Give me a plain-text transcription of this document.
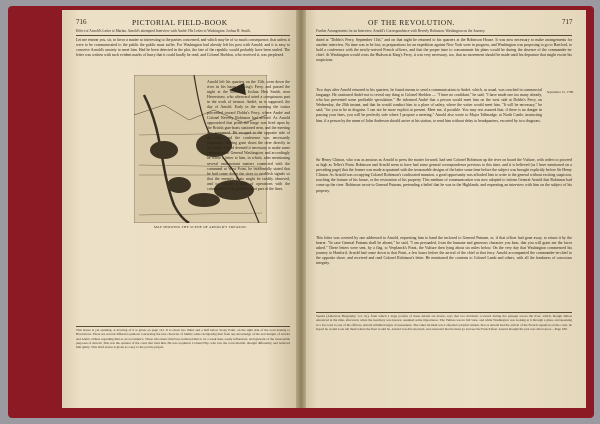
716	PICTORIAL FIELD-BOOK
Effect of Arnold's Letter to Marlan. Arnold's attempted Interview with André. His Letter to Washington. Joshua H. Smith.
Let me entreat you, sir, to favor a matter so interesting to the parties concerned, and which may be of so much consequence, that unless it were to be communicated to the public the public must suffer. For Washington had already left his post with Arnold; and it is easy to conceive Arnold's anxiety to meet him. Had he been detected in the plot, the fate of the republic would probably have been sealed. The letter was written with such evident marks of hurry that it could hardly be read; and Colonel Sheldon, who received it, was perplexed.
MAP SHOWING THE SCENE OF ARNOLD'S TREASON.
Arnold left his quarters on the 11th, went down the river in his barge to King's Ferry, and passed the night at the house of Joshua Hett Smith, near Haverstraw, who afterward acted a conspicuous part in the work of treason. André, as is supposed, the day of Arnold. Early in the morning the traitor proceeded toward Dobbs's Ferry, where André and Colonel Beverly Robinson had arrived. As Arnold approached that point, the barge was fired upon by the British gun-boats stationed near, and the meeting was prevented. He escaped to the opposite side of the river, and the conference was necessarily postponed. Having gone down the river directly in his barge, Arnold deemed it necessary to make some explanation to General Washington; and accordingly he wrote a letter to him, in which, after mentioning several unimportant matters connected with the command at West Point, he incidentally stated that he had come down the river to establish signals so that the enemy's boats might be readily observed, and to concert a plan of operations with the commander of the guard on that part of the lines.
This house is yet standing. A drawing of it is given on page 141. It is about two miles and a half below Stony Point, on the right side of the road leading to Haverstraw. There are several different opinions concerning the true character of Smith; some exculpating him from any knowledge of the real designs of Arnold and André. Others regarding him as an accomplice. Those who knew him best, believed him to be a weak man, easily influenced, and ignorant of the treasonable purposes of Arnold. This was the opinion of the court that tried him. He was acquitted. Colonel Hay, who saw the court-martial, thought differently, and believed him guilty. This brief notice is given as a key to the part he played.
OF THE REVOLUTION.	717
Further Arrangements for an Interview. Arnold's Correspondence with Beverly Robinson. Washington on the Journey.
dated at "Dobbs's Ferry, September 11th," and on that night he returned to his quarters at the Robinson House. It was now necessary to make arrangements for another interview. No time was to be lost; as preparations for an expedition against New York were in progress, and Washington was proposing to go to Hartford, to hold a conference with the newly-arrived French officers, and that the proper time to consummate his plans would be during the absence of the commander-in-chief. At Washington would cross the Hudson at King's Ferry, it was very necessary, too, that no movement should be made until his departure that might excite his suspicions.
September 15, 1780.
Two days after Arnold returned to his quarters, he found means to send a communication to André, which, as usual, was couched in commercial language. He cautioned André not to reveal any thing to Colonel Sheldon — "I have no confidant," he said; "I have made one too many already, who has prevented some profitable speculation." He informed André that a person would meet him on the west side at Dobbs's Ferry, on Wednesday, the 20th instant, and that he would conduct him to a place of safety, where the writer would meet him. "It will be necessary," he said, "for you to be in disguise. I can not be more explicit at present. Meet me, if possible. You may rest assured that, if there is no danger in passing your lines, you will be perfectly safe where I propose a meeting." Arnold also wrote to Major Tallmadge, at North Castle, instructing him, if a person by the name of John Anderson should arrive at his station, to send him without delay to headquarters, escorted by two dragoons.
Sir Henry Clinton, who was as anxious as Arnold to press the matter forward, had sent Colonel Robinson up the river on board the Vulture, with orders to proceed as high as Teller's Point. Robinson and Arnold seem to have had some general correspondence previous to this time, and it is believed (as I have mentioned on a preceding page) that the former was made acquainted with the treasonable designs of the latter some time before the subject was brought explicitly before Sir Henry Clinton. As Arnold was occupying Colonel Robinson's confiscated mansion, a good opportunity was afforded him to write to the general without exciting suspicion, touching the fortune of his house, or the restoration of his property. This medium of communication was now adopted to inform General Arnold that Robinson had come up the river. Robinson wrote to General Putnam, pretending a belief that he was in the Highlands, and requesting an interview with him on the subject of his property.
This letter was covered by one addressed to Arnold, requesting him to hand the inclosed to General Putnam, or, if that officer had gone away, to return it by the bearer. "In case General Putnam shall be absent," he said, "I am persuaded, from the humane and generous character you bear, that you will grant me the favor asked." These letters were sent, by a flag, to Verplanck's Point, the Vulture then lying about six miles below. On the very day that Washington commenced his journey to Hartford, Arnold had come down to that Point, a few hours before the arrival of the chief at that ferry. Arnold accompanied the commander-in-chief to the opposite shore, and received and read Colonel Robinson's letter. He mentioned the contents to Colonel Lamb and others, with all the frankness of conscious integrity.
Sparks (American Biography, vol. iii.), from which a large portion of these details are drawn, says that two incidents occurred during the passage across the river, which, though almost unnoticed at the time, afterward, when the treachery was known, assumed some importance. The Vulture was in full view, and while Washington was looking at it through a glass, and speaking in a low tone to one of his officers, Arnold exhibited signs of uneasiness. The other incident was Lafayette's playful remark, that as Arnold had the arrival of the French squadron on the coast, he hoped he would soon tell them where the fleet would be. Arnold was disconcerted, and answered that he must go and see the French fleet. Arnold thought his plot was discovered.—Page 180.
